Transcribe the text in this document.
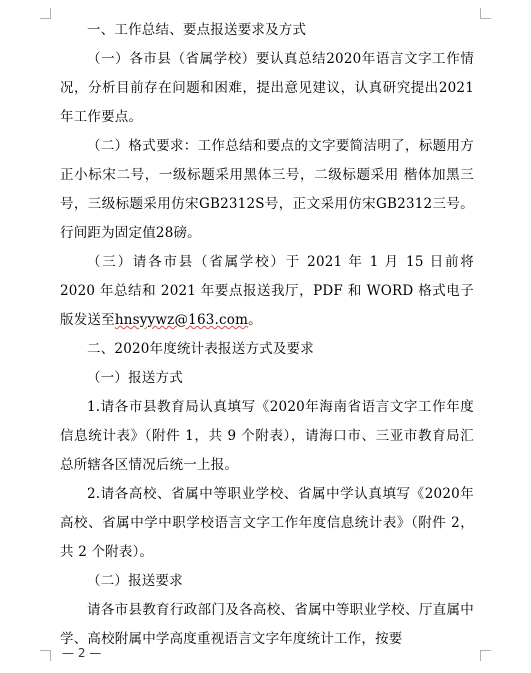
一、工作总结、要点报送要求及方式

（一）各市县（省属学校）要认真总结2020年语言文字工作情况，分析目前存在问题和困难，提出意见建议，认真研究提出2021年工作要点。

（二）格式要求：工作总结和要点的文字要简洁明了，标题用方正小标宋二号，一级标题采用黑体三号，二级标题采用 楷体加黑三号，三级标题采用仿宋GB2312S号，正文采用仿宋GB2312三号。行间距为固定值28磅。

（三）请各市县（省属学校）于 2021 年 1 月 15 日前将 2020 年总结和 2021 年要点报送我厅，PDF 和 WORD 格式电子版发送至hnsyywz@163.com。

二、2020年度统计表报送方式及要求

（一）报送方式

1.请各市县教育局认真填写《2020年海南省语言文字工作年度信息统计表》（附件 1，共 9 个附表），请海口市、三亚市教育局汇总所辖各区情况后统一上报。

2.请各高校、省属中等职业学校、省属中学认真填写《2020年高校、省属中学中职学校语言文字工作年度信息统计表》（附件 2，共 2 个附表）。

（二）报送要求

请各市县教育行政部门及各高校、省属中等职业学校、厅直属中学、高校附属中学高度重视语言文字年度统计工作，按要

— 2 —
